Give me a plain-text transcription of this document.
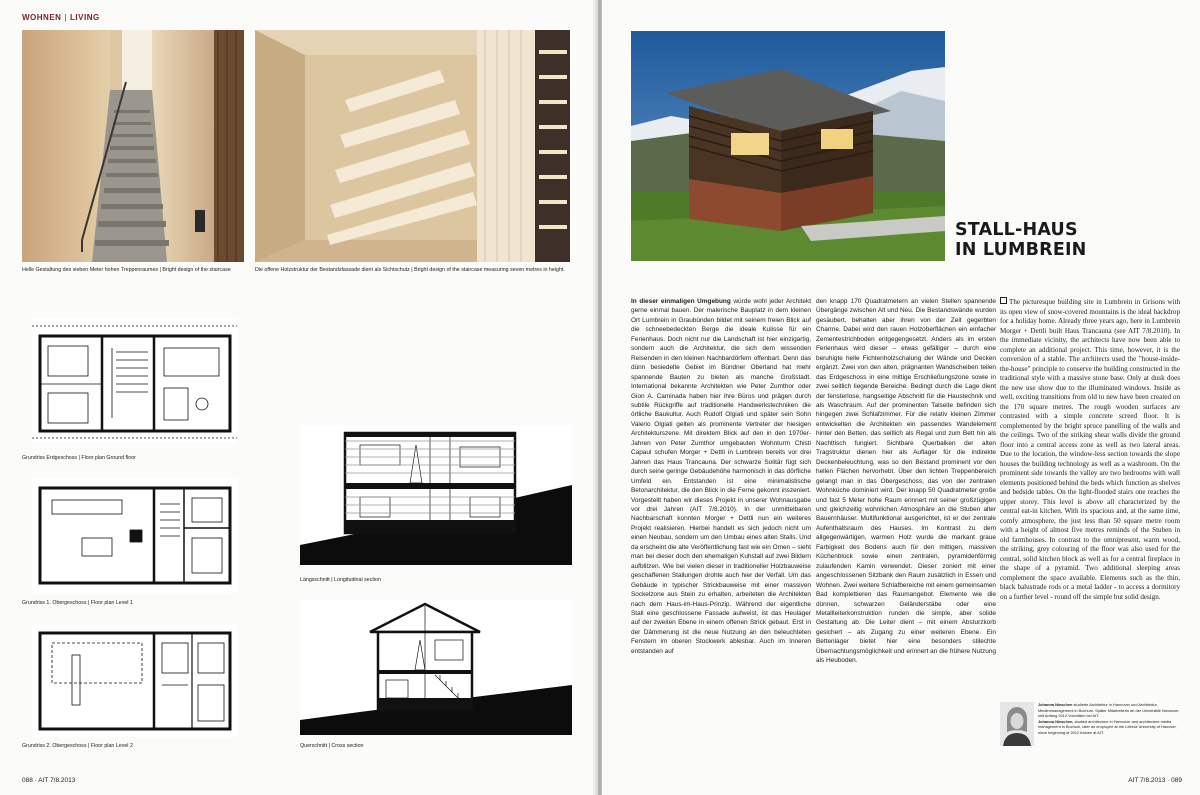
WOHNEN | LIVING
Helle Gestaltung des sieben Meter hohen Treppenraumes | Bright design of the staircase	Die offene Holzstruktur der Bestandsfassade dient als Sichtschutz | Bright design of the staircase measuring seven metres in height.
Grundriss Erdgeschoss | Floor plan Ground floor
Grundriss 1. Obergeschoss | Floor plan Level 1
Grundriss 2. Obergeschoss | Floor plan Level 2
Längsschnitt | Longitudinal section
Querschnitt | Cross section
088 · AIT 7/8.2013
STALL-HAUS
IN LUMBREIN

In dieser einmaligen Umgebung würde wohl jeder Architekt gerne einmal bauen. Der malerische Bauplatz in dem kleinen Ort Lumbrein in Graubünden bildet mit seinem freien Blick auf die schneebedeckten Berge die ideale Kulisse für ein Ferienhaus. Doch nicht nur die Landschaft ist hier einzigartig, sondern auch die Architektur, die sich dem wissenden Reisenden in den kleinen Nachbardörfern offenbart. Denn das dünn besiedelte Gebiet im Bündner Oberland hat mehr spannende Bauten zu bieten als manche Großstadt. International bekannte Architekten wie Peter Zumthor oder Gion A. Caminada haben hier ihre Büros und prägen durch subtile Rückgriffe auf traditionelle Handwerkstechniken die örtliche Baukultur. Auch Rudolf Olgiati und später sein Sohn Valerio Olgiati gelten als prominente Vertreter der hiesigen Architekturszene. Mit direktem Blick auf den in den 1970er-Jahren von Peter Zumthor umgebauten Wohnturm Chisti Capaul schufen Morger + Dettli in Lumbrein bereits vor drei Jahren das Haus Trancauna. Der schwarze Solitär fügt sich durch seine geringe Gebäudehöhe harmonisch in das dörfliche Umfeld ein. Entstanden ist eine minimalistische Betonarchitektur, die den Blick in die Ferne gekonnt inszeniert. Vorgestellt haben wir dieses Projekt in unserer Wohnausgabe vor drei Jahren (AIT 7/8.2010). In der unmittelbaren Nachbarschaft konnten Morger + Dettli nun ein weiteres Projekt realisieren. Hierbei handelt es sich jedoch nicht um einen Neubau, sondern um den Umbau eines alten Stalls. Und da erscheint die alte Veröffentlichung fast wie ein Omen – sieht man bei dieser doch den ehemaligen Kuhstall auf zwei Bildern aufblitzen. Wie bei vielen dieser in traditioneller Holzbauweise geschaffenen Stallungen drohte auch hier der Verfall. Um das Gebäude in typischer Strickbauweise mit einer massiven Sockelzone aus Stein zu erhalten, arbeiteten die Architekten nach dem Haus-im-Haus-Prinzip. Während der eigentliche Stall eine geschlossene Fassade aufweist, ist das Heulager auf der zweiten Ebene in einem offenen Strick gebaut. Erst in der Dämmerung ist die neue Nutzung an den beleuchteten Fenstern im oberen Stockwerk ablesbar. Auch im Inneren entstanden auf

den knapp 170 Quadratmetern an vielen Stellen spannende Übergänge zwischen Alt und Neu. Die Bestandswände wurden gesäubert, behalten aber ihren von der Zeit gegerbten Charme. Dabei wird den rauen Holzoberflächen ein einfacher Zementestrichboden entgegengesetzt. Anders als im ersten Ferienhaus wird dieser – etwas gefälliger – durch eine beruhigte helle Fichtenholzschalung der Wände und Decken ergänzt. Zwei von den alten, prägnanten Wandscheiben teilen das Erdgeschoss in eine mittige Erschließungszone sowie in zwei seitlich liegende Bereiche. Bedingt durch die Lage dient der fensterlose, hangseitige Abschnitt für die Haustechnik und als Waschraum. Auf der prominenten Talseite befinden sich hingegen zwei Schlafzimmer. Für die relativ kleinen Zimmer entwickelten die Architekten ein passendes Wandelement hinter den Betten, das seitlich als Regal und zum Bett hin als Nachttisch fungiert. Sichtbare Querbalken der alten Tragstruktur dienen hier als Auflager für die indirekte Deckenbeleuchtung, was so den Bestand prominent vor den hellen Flächen hervorhebt. Über den lichten Treppenbereich gelangt man in das Obergeschoss, das von der zentralen Wohnküche dominiert wird. Der knapp 50 Quadratmeter große und fast 5 Meter hohe Raum erinnert mit seiner großzügigen und gleichzeitig wohnlichen Atmosphäre an die Stuben alter Bauernhäuser. Multifunktional ausgerichtet, ist er der zentrale Aufenthaltsraum des Hauses. Im Kontrast zu dem allgegenwärtigen, warmen Holz wurde die markant graue Farbigkeit des Bodens auch für den mittigen, massiven Küchenblock sowie einen zentralen, pyramidenförmig zulaufenden Kamin verwendet. Dieser zoniert mit einer angeschlossenen Sitzbank den Raum zusätzlich in Essen und Wohnen. Zwei weitere Schlafbereiche mit einem gemeinsamen Bad komplettieren das Raumangebot. Elemente wie die dünnen, schwarzen Geländerstäbe oder eine Metallleiterkonstruktion runden die simple, aber solide Gestaltung ab. Die Leiter dient – mit einem Absturzkorb gesichert – als Zugang zu einer weiteren Ebene. Ein Bettenlager bietet hier eine besonders stilechte Übernachtungsmöglichkeit und erinnert an die frühere Nutzung als Heuboden.

The picturesque building site in Lumbrein in Grisons with its open view of snow-covered mountains is the ideal backdrop for a holiday home. Already three years ago, here in Lumbrein Morger + Dettli built Haus Trancauna (see AIT 7/8.2010). In the immediate vicinity, the architects have now been able to complete an additional project. This time, however, it is the conversion of a stable. The architects used the "house-inside-the-house" principle to conserve the building constructed in the traditional style with a massive stone base. Only at dusk does the new use show due to the illuminated windows. Inside as well, exciting transitions from old to new have been created on the 170 square metres. The rough wooden surfaces are contrasted with a simple concrete screed floor. It is complemented by the bright spruce panelling of the walls and the ceilings. Two of the striking shear walls divide the ground floor into a central access zone as well as two lateral areas. Due to the location, the window-less section towards the slope houses the building technology as well as a washroom. On the prominent side towards the valley are two bedrooms with wall elements positioned behind the beds which function as shelves and bedside tables. On the light-flooded stairs one reaches the upper storey. This level is above all characterized by the central eat-in kitchen. With its spacious and, at the same time, comfy atmosphere, the just less than 50 square metre room with a height of almost five metres reminds of the Stuben in old farmhouses. In contrast to the omnipresent, warm wood, the striking, grey colouring of the floor was also used for the central, solid kitchen block as well as for a central fireplace in the shape of a pyramid. Two additional sleeping areas complement the space available. Elements such as the thin, black balustrade rods or a metal ladder - to access a dormitory on a further level - round off the simple but solid design.

Johanna Nieschen studierte Architektur in Hannover und Architektur Medienmanagement in Bochum. Später Mitarbeiterin an der Universität Hannover, seit Anfang 2012 Volontärin bei AIT.
Johanna Nieschen, studied architecture in Hannover and architecture media management in Bochum, later an employee at the Leibniz University of Hanover, since beginning of 2012 trainee at AIT.
AIT 7/8.2013 · 089
